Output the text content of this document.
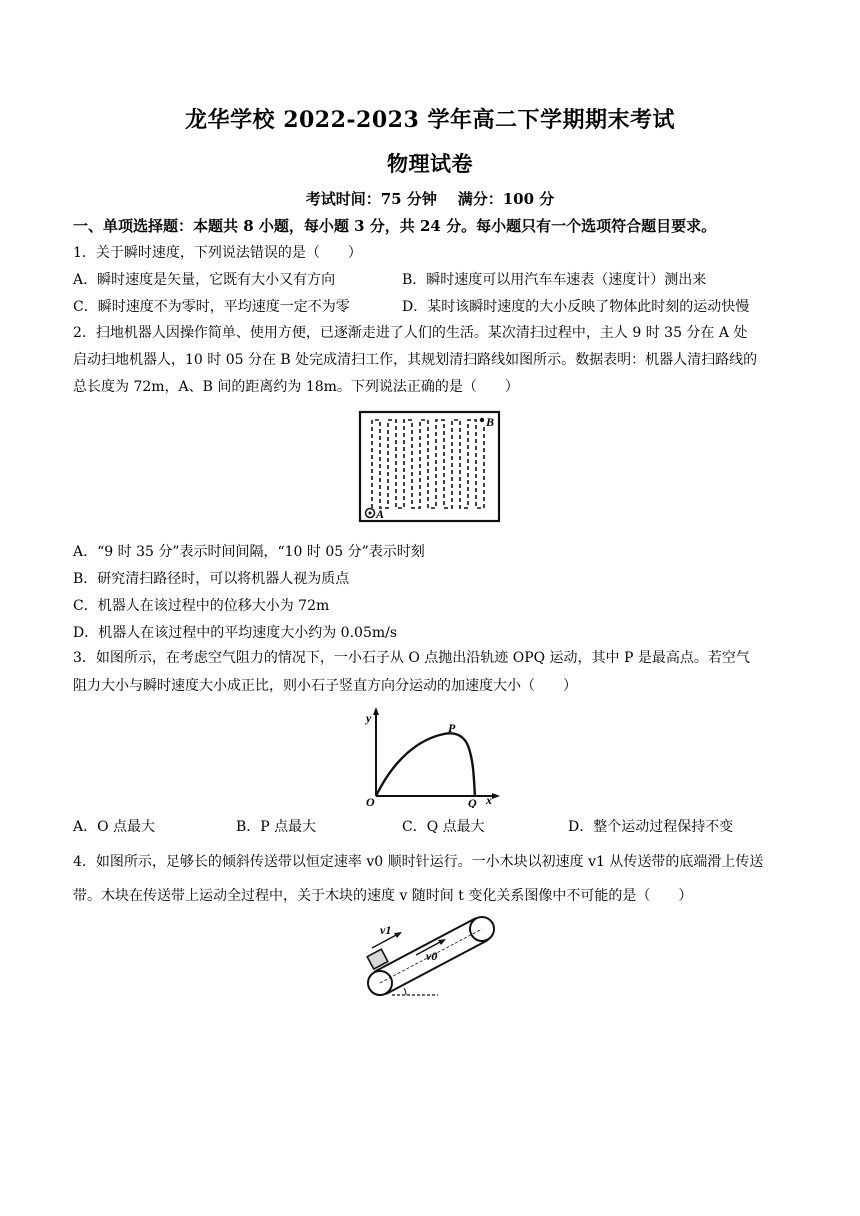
龙华学校 2022-2023 学年高二下学期期末考试
物理试卷
考试时间：75 分钟    满分：100 分
一、单项选择题：本题共 8 小题，每小题 3 分，共 24 分。每小题只有一个选项符合题目要求。
1．关于瞬时速度，下列说法错误的是（　　）
A．瞬时速度是矢量，它既有大小又有方向	B．瞬时速度可以用汽车车速表（速度计）测出来
C．瞬时速度不为零时，平均速度一定不为零	D．某时该瞬时速度的大小反映了物体此时刻的运动快慢
2．扫地机器人因操作简单、使用方便，已逐渐走进了人们的生活。某次清扫过程中，主人 9 时 35 分在 A 处
启动扫地机器人，10 时 05 分在 B 处完成清扫工作，其规划清扫路线如图所示。数据表明：机器人清扫路线的
总长度为 72m，A、B 间的距离约为 18m。下列说法正确的是（　　）
A
B
A．“9 时 35 分”表示时间间隔，“10 时 05 分”表示时刻
B．研究清扫路径时，可以将机器人视为质点
C．机器人在该过程中的位移大小为 72m
D．机器人在该过程中的平均速度大小约为 0.05m/s
3．如图所示，在考虑空气阻力的情况下，一小石子从 O 点抛出沿轨迹 OPQ 运动，其中 P 是最高点。若空气
阻力大小与瞬时速度大小成正比，则小石子竖直方向分运动的加速度大小（　　）
y
x
O
P
Q
A．O 点最大	B．P 点最大	C．Q 点最大	D．整个运动过程保持不变
4．如图所示，足够长的倾斜传送带以恒定速率 v0 顺时针运行。一小木块以初速度 v1 从传送带的底端滑上传送
带。木块在传送带上运动全过程中，关于木块的速度 v 随时间 t 变化关系图像中不可能的是（　　）
v1
v0
